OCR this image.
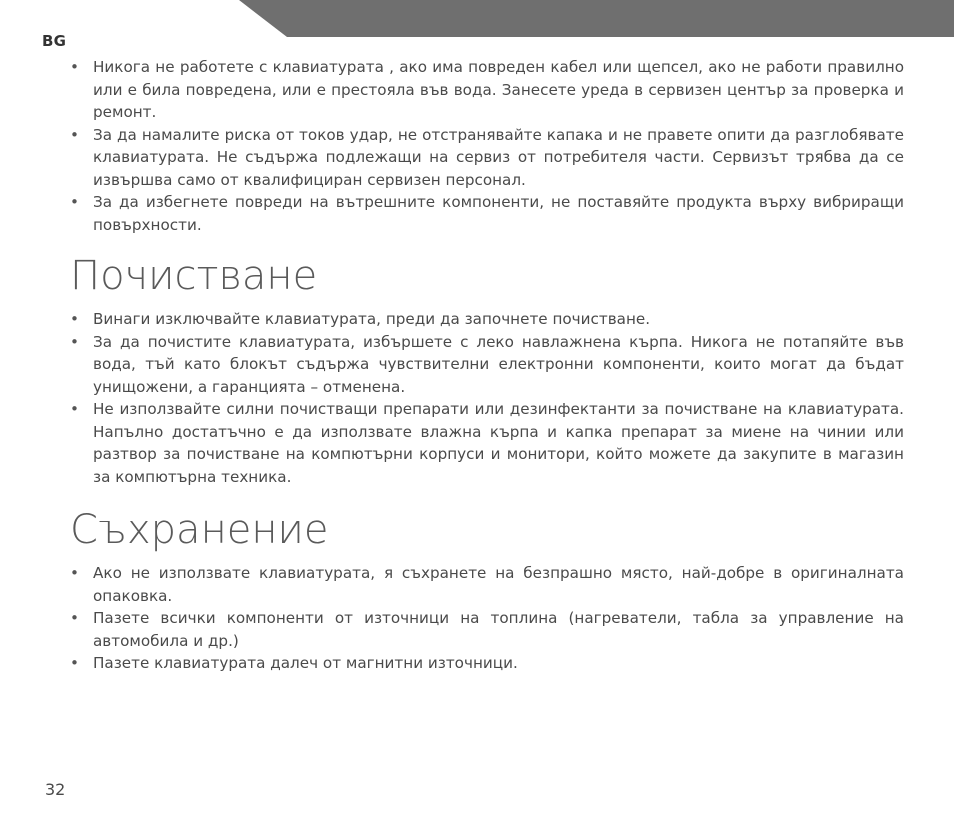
BG
• Никога не работете с клавиатурата , ако има повреден кабел или щепсел, ако не работи правилно или е била повредена, или е престояла във вода. Занесете уреда в сервизен център за проверка и ремонт.
• За да намалите риска от токов удар, не отстранявайте капака и не правете опити да разглобявате клавиатурата. Не съдържа подлежащи на сервиз от потребителя части. Сервизът трябва да се извършва само от квалифициран сервизен персонал.
• За да избегнете повреди на вътрешните компоненти, не поставяйте продукта върху вибриращи повърхности.
Почистване
• Винаги изключвайте клавиатурата, преди да започнете почистване.
• За да почистите клавиатурата, избършете с леко навлажнена кърпа. Никога не потапяйте във вода, тъй като блокът съдържа чувствителни електронни компоненти, които могат да бъдат унищожени, а гаранцията – отменена.
• Не използвайте силни почистващи препарати или дезинфектанти за почистване на клавиатурата. Напълно достатъчно е да използвате влажна кърпа и капка препарат за миене на чинии или разтвор за почистване на компютърни корпуси и монитори, който можете да закупите в магазин за компютърна техника.
Съхранение
• Ако не използвате клавиатурата, я съхранете на безпрашно място, най-добре в оригиналната опаковка.
• Пазете всички компоненти от източници на топлина (нагреватели, табла за управление на автомобила и др.)
• Пазете клавиатурата далеч от магнитни източници.
32
